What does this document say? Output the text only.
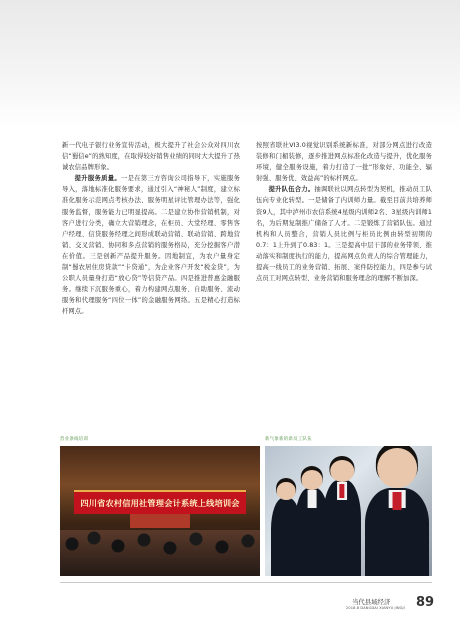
新一代电子银行业务宣传活动，极大提升了社会公众对四川农信“蜀信e”的熟知度，在取得较好销售业绩的同时大大提升了热诚农信品牌形象。

提升服务质量。一是在第三方咨询公司指导下，实施服务导入，落地标准化服务要求，通过引入“神秘人”制度，建立标准化服务示范网点考核办法、服务明星评比管理办法等，强化服务监督，服务能力已明显提高。二是建立协作营销机制，对客户进行分类，确立大营销理念，在柜员、大堂经理、零售客户经理、信贷服务经理之间形成联动营销、联动营销、跨地营销、交叉营销、协同和多点营销的服务格局，充分挖掘客户潜在价值。三是创新产品提升服务。因地制宜，为农户量身定制“蜀农居住房贷款”“卡贷通”，为企业客户开发“税金贷”，为公职人员量身打造“放心贷”等信贷产品。四是推进普惠金融服务。继续下沉服务重心，着力构建网点服务、自助服务、流动服务和代理服务“四位一体”的金融服务网络。五是精心打造标杆网点。

按照省联社VI3.0视觉识别系统新标准，对部分网点进行改造装修和门楣装修，逐步推进网点标准化改造与提升，优化服务环境，健全服务设施，着力打造了一批“形象好、功能全、辐射强、服务优、效益高”的标杆网点。

提升队伍合力。抽调联社以网点转型为契机，推动员工队伍向专业化转型。一是储备了内训师力量。截至目前共培养师资9人，其中泸州市农信系统4星级内训师2名、3星级内训师1名，为后期复制推广储备了人才。二是锻炼了营销队伍。通过机构和人员整合，营销人员比例与柜员比例由转型初期的0.7：1上升到了0.83：1。三是提高中层干部的业务带领、推动落实和制度执行的能力，提高网点负责人的综合管理能力，提高一线员工的业务营销、拓展、案件防控能力，四是参与试点员工对网点转型、业务营销和服务理念的理解不断加深。

营业条线培训	新气象新的新员工队伍
四川省农村信用社管理会计系统上线培训会
当代县域经济
2018.8 DANGDAI XIANYU JINGJI 89
